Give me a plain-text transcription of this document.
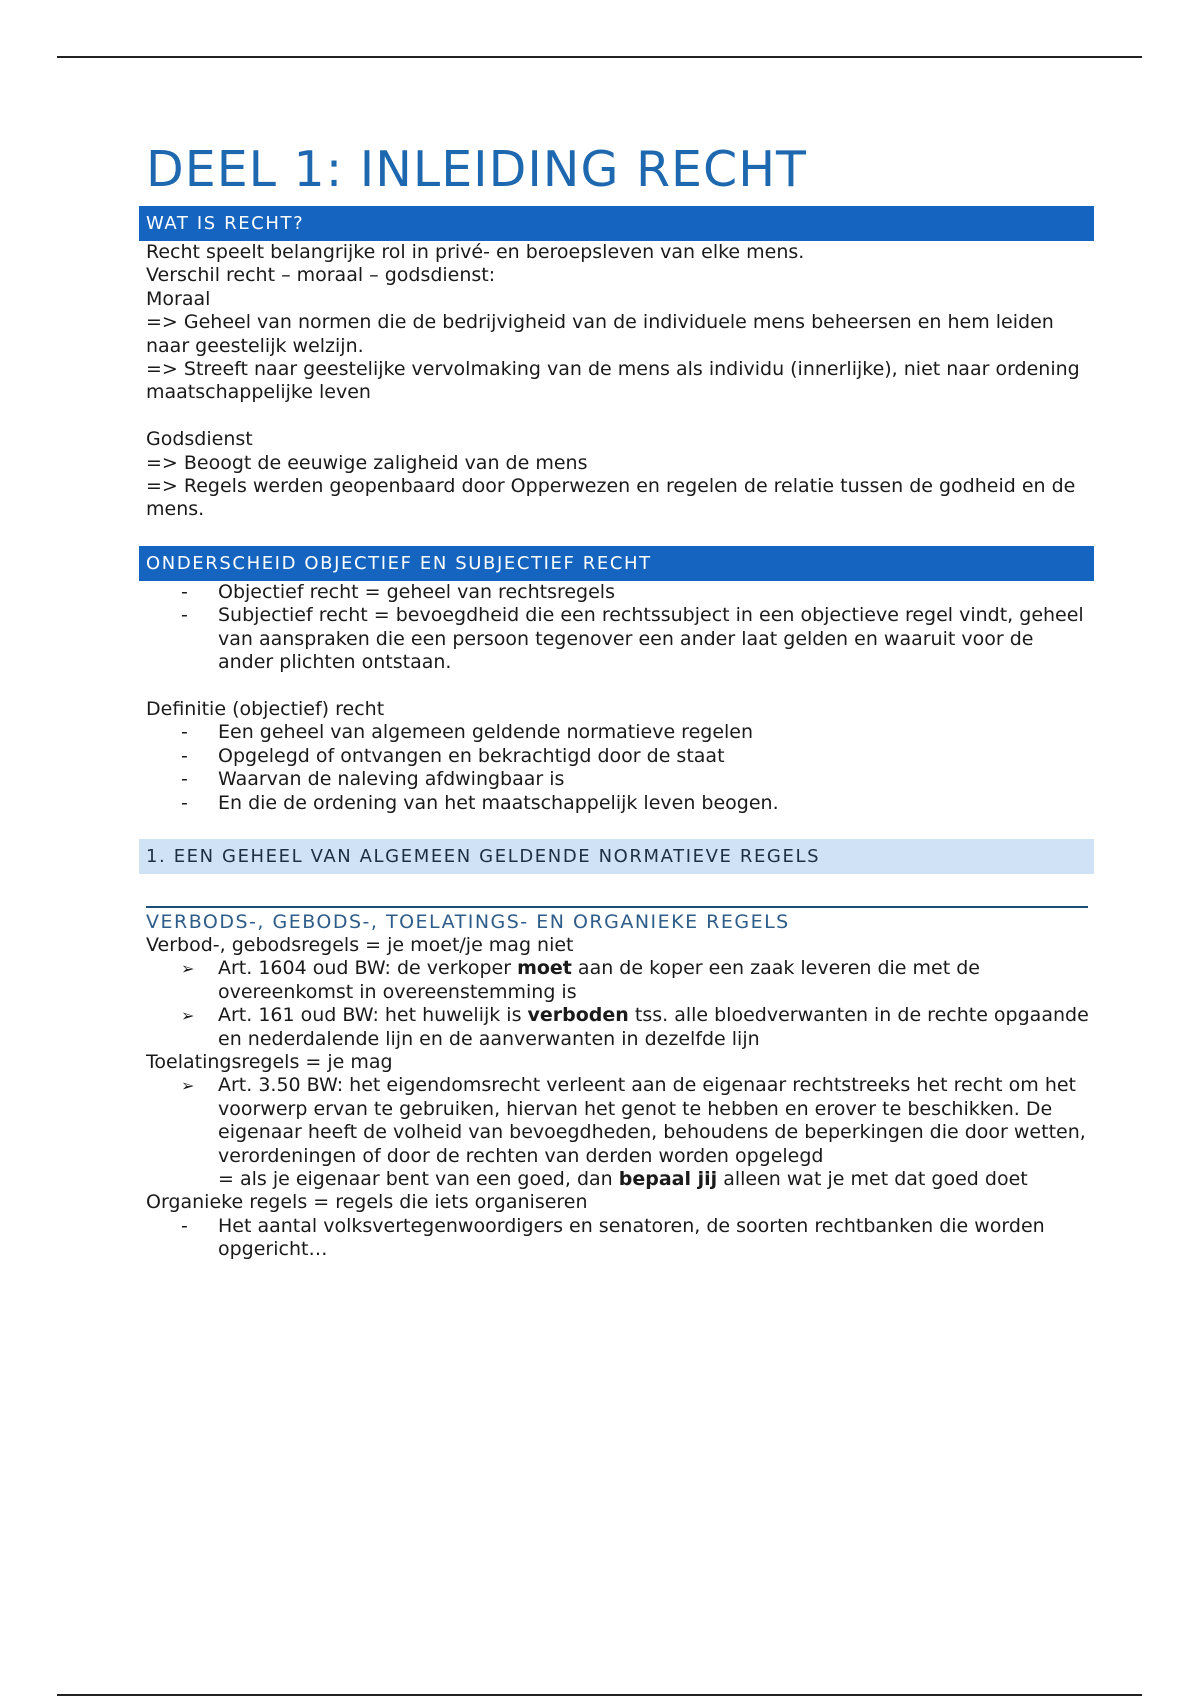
DEEL 1: INLEIDING RECHT
WAT IS RECHT?
Recht speelt belangrijke rol in privé- en beroepsleven van elke mens.
Verschil recht – moraal – godsdienst:
Moraal
=> Geheel van normen die de bedrijvigheid van de individuele mens beheersen en hem leiden naar geestelijk welzijn.
=> Streeft naar geestelijke vervolmaking van de mens als individu (innerlijke), niet naar ordening maatschappelijke leven
Godsdienst
=> Beoogt de eeuwige zaligheid van de mens
=> Regels werden geopenbaard door Opperwezen en regelen de relatie tussen de godheid en de mens.
ONDERSCHEID OBJECTIEF EN SUBJECTIEF RECHT
- Objectief recht = geheel van rechtsregels
- Subjectief recht = bevoegdheid die een rechtssubject in een objectieve regel vindt, geheel van aanspraken die een persoon tegenover een ander laat gelden en waaruit voor de ander plichten ontstaan.
Definitie (objectief) recht
- Een geheel van algemeen geldende normatieve regelen
- Opgelegd of ontvangen en bekrachtigd door de staat
- Waarvan de naleving afdwingbaar is
- En die de ordening van het maatschappelijk leven beogen.
1. EEN GEHEEL VAN ALGEMEEN GELDENDE NORMATIEVE REGELS
VERBODS-, GEBODS-, TOELATINGS- EN ORGANIEKE REGELS
Verbod-, gebodsregels = je moet/je mag niet
➢ Art. 1604 oud BW: de verkoper moet aan de koper een zaak leveren die met de overeenkomst in overeenstemming is
➢ Art. 161 oud BW: het huwelijk is verboden tss. alle bloedverwanten in de rechte opgaande en nederdalende lijn en de aanverwanten in dezelfde lijn
Toelatingsregels = je mag
➢ Art. 3.50 BW: het eigendomsrecht verleent aan de eigenaar rechtstreeks het recht om het voorwerp ervan te gebruiken, hiervan het genot te hebben en erover te beschikken. De eigenaar heeft de volheid van bevoegdheden, behoudens de beperkingen die door wetten, verordeningen of door de rechten van derden worden opgelegd
= als je eigenaar bent van een goed, dan bepaal jij alleen wat je met dat goed doet
Organieke regels = regels die iets organiseren
- Het aantal volksvertegenwoordigers en senatoren, de soorten rechtbanken die worden opgericht…
